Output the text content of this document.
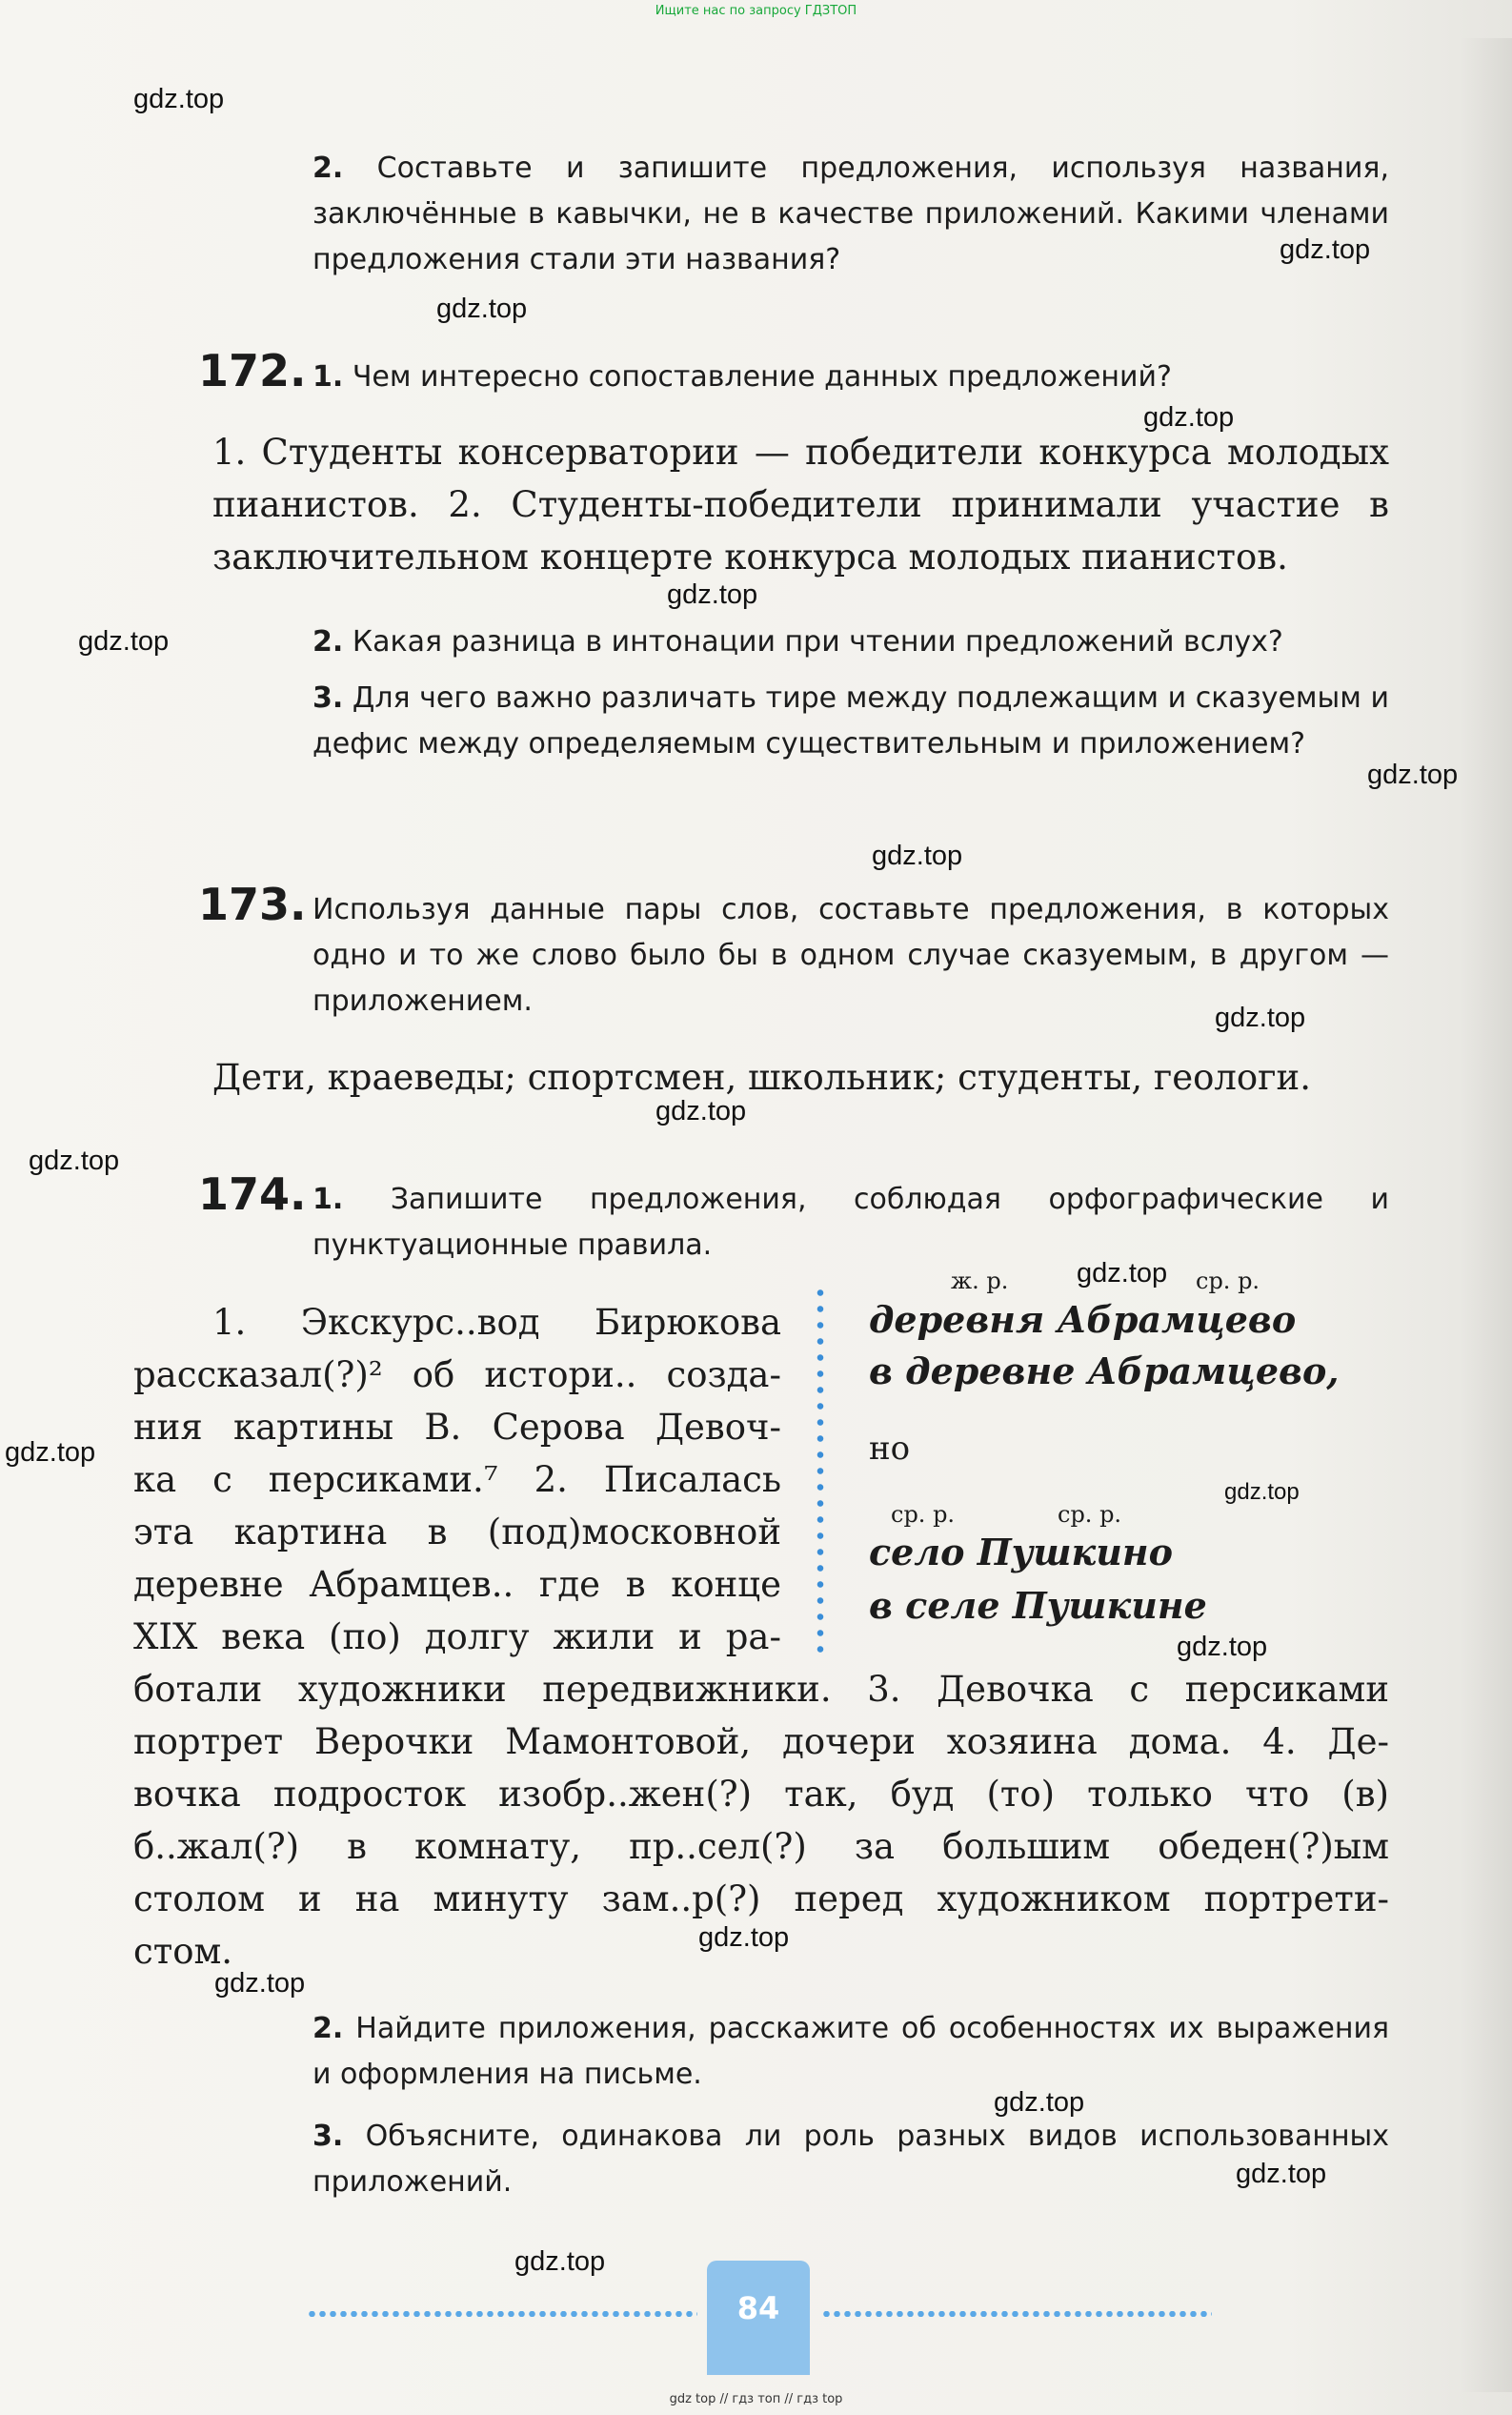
Ищите нас по запросу ГДЗТОП
gdz.top
gdz.top
gdz.top
gdz.top
gdz.top
gdz.top
gdz.top
gdz.top
gdz.top
gdz.top
gdz.top
gdz.top
gdz.top
gdz.top
gdz.top
gdz.top
gdz.top
gdz.top
gdz.top
gdz.top
2. Составьте и запишите предложения, используя названия, заключённые в кавычки, не в качестве приложений. Какими членами предложения стали эти названия?
172. 1. Чем интересно сопоставление данных предложений?
1. Студенты консерватории — победители конкурса молодых пианистов. 2. Студенты-победители принимали участие в заключительном концерте конкурса молодых пианистов.
2. Какая разница в интонации при чтении предложений вслух?
3. Для чего важно различать тире между подлежащим и сказуемым и дефис между определяемым существительным и приложением?
173. Используя данные пары слов, составьте предложения, в которых одно и то же слово было бы в одном случае сказуемым, в другом — приложением.
Дети, краеведы; спортсмен, школьник; студенты, геологи.
174. 1. Запишите предложения, соблюдая орфографические и пунктуационные правила.
1. Экскурс..вод Бирюкова
рассказал(?)² об истори.. созда-
ния картины В. Серова Девоч-
ка с персиками.⁷ 2. Писалась
эта картина в (под)московной
деревне Абрамцев.. где в конце
XIX века (по) долгу жили и ра-
ботали художники передвижники. 3. Девочка с персиками
портрет Верочки Мамонтовой, дочери хозяина дома. 4. Де-
вочка подросток изобр..жен(?) так, буд (то) только что (в)
б..жал(?) в комнату, пр..сел(?) за большим обеден(?)ым
столом и на минуту зам..р(?) перед художником портрети-
стом.
ж. р.	ср. р.
деревня Абрамцево
в деревне Абрамцево,
но
ср. р.	ср. р.
село Пушкино
в селе Пушкине
2. Найдите приложения, расскажите об особенностях их выражения и оформления на письме.
3. Объясните, одинакова ли роль разных видов использованных приложений.
84
gdz top // гдз топ // гдз top
